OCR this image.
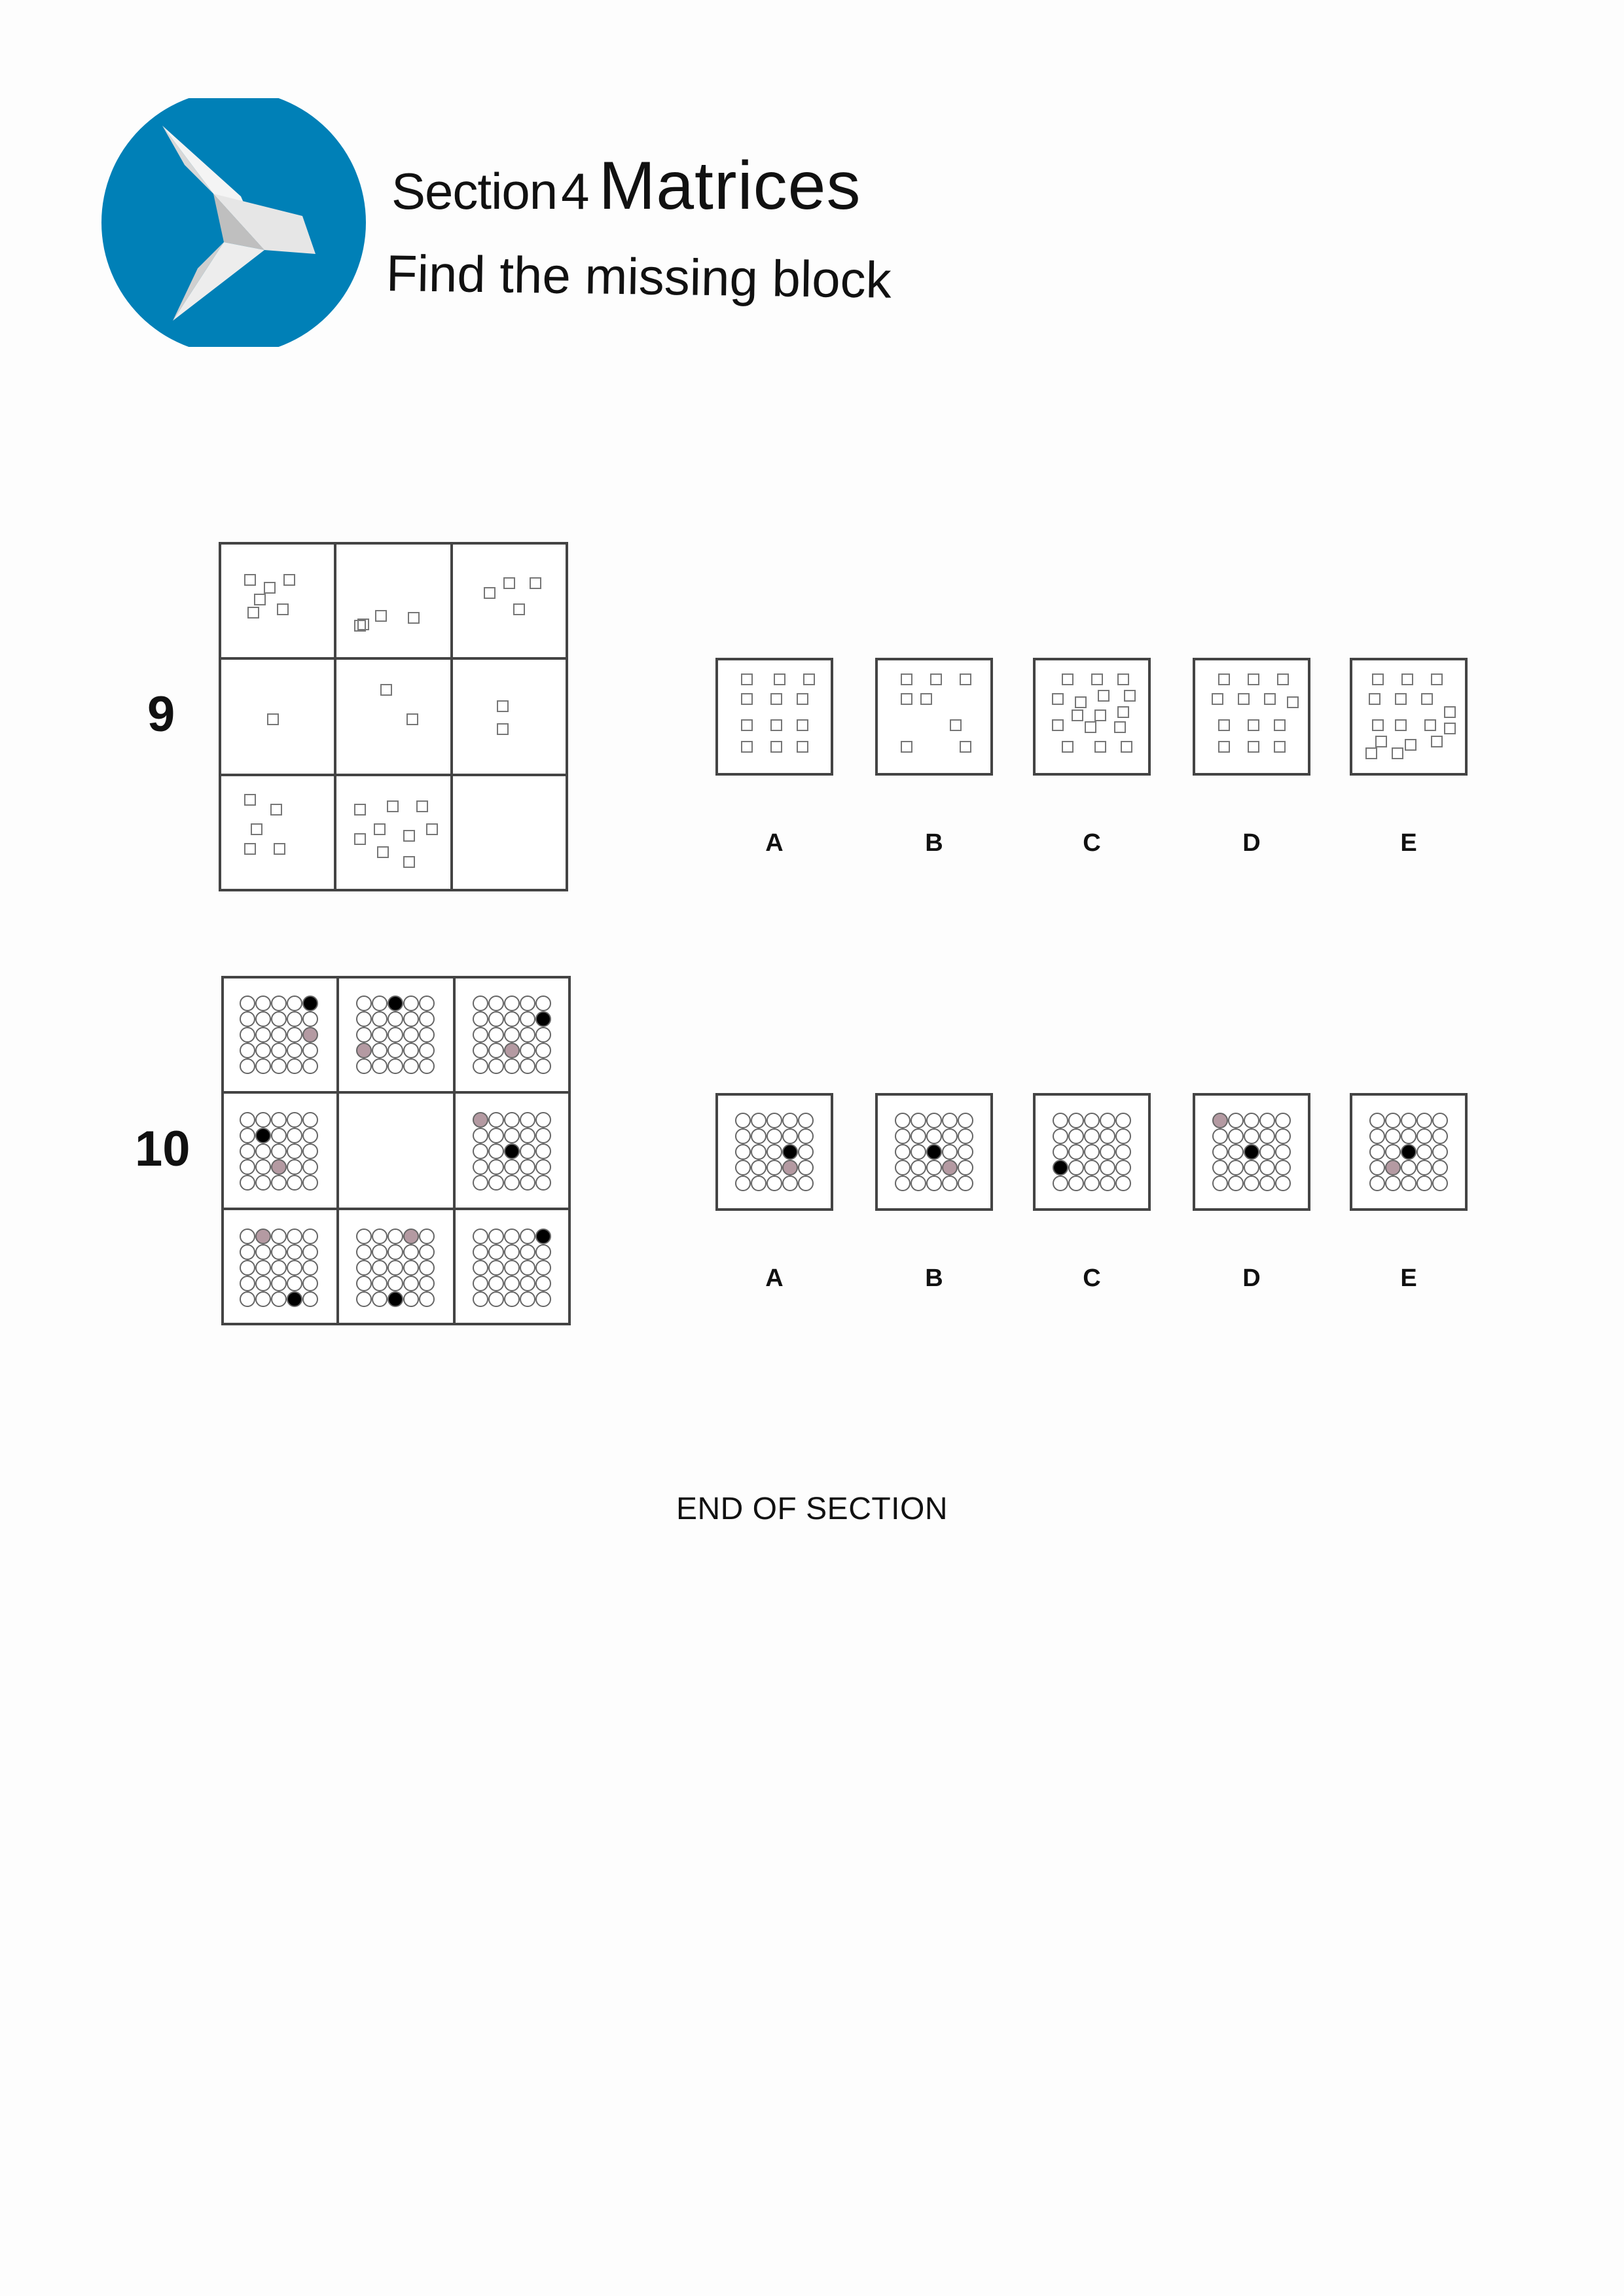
Section4 Matrices
Find the missing block
9
A	B	C	D	E
10
A	B	C	D	E
END OF SECTION
